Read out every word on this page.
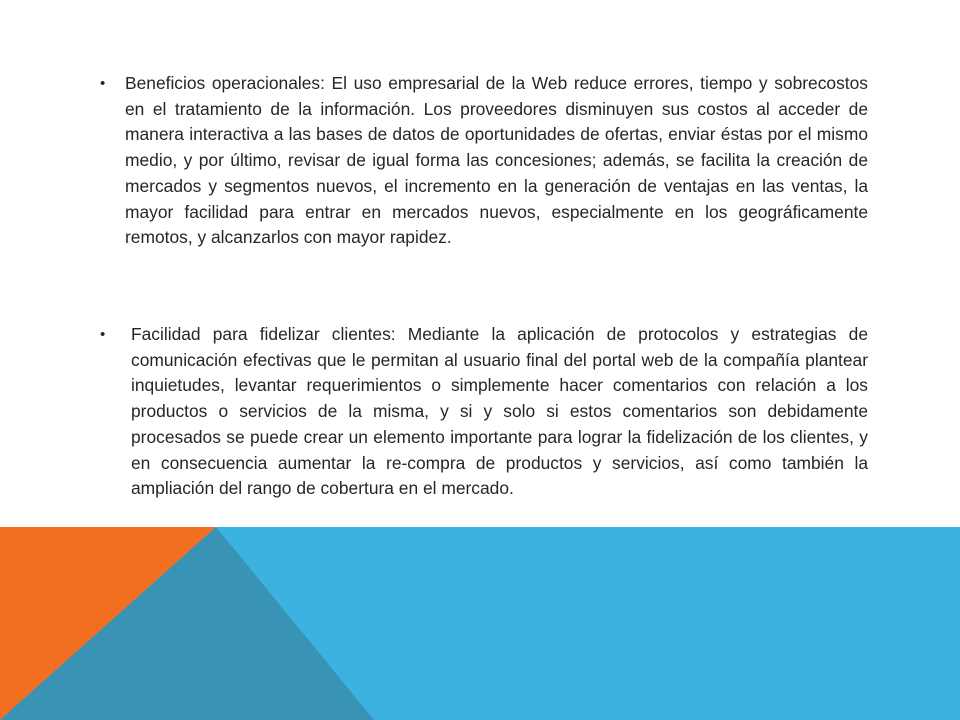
• Beneficios operacionales: El uso empresarial de la Web reduce errores, tiempo y sobrecostos en el tratamiento de la información. Los proveedores disminuyen sus costos al acceder de manera interactiva a las bases de datos de oportunidades de ofertas, enviar éstas por el mismo medio, y por último, revisar de igual forma las concesiones; además, se facilita la creación de mercados y segmentos nuevos, el incremento en la generación de ventajas en las ventas, la mayor facilidad para entrar en mercados nuevos, especialmente en los geográficamente remotos, y alcanzarlos con mayor rapidez.
• Facilidad para fidelizar clientes: Mediante la aplicación de protocolos y estrategias de comunicación efectivas que le permitan al usuario final del portal web de la compañía plantear inquietudes, levantar requerimientos o simplemente hacer comentarios con relación a los productos o servicios de la misma, y si y solo si estos comentarios son debidamente procesados se puede crear un elemento importante para lograr la fidelización de los clientes, y en consecuencia aumentar la re-compra de productos y servicios, así como también la ampliación del rango de cobertura en el mercado.
